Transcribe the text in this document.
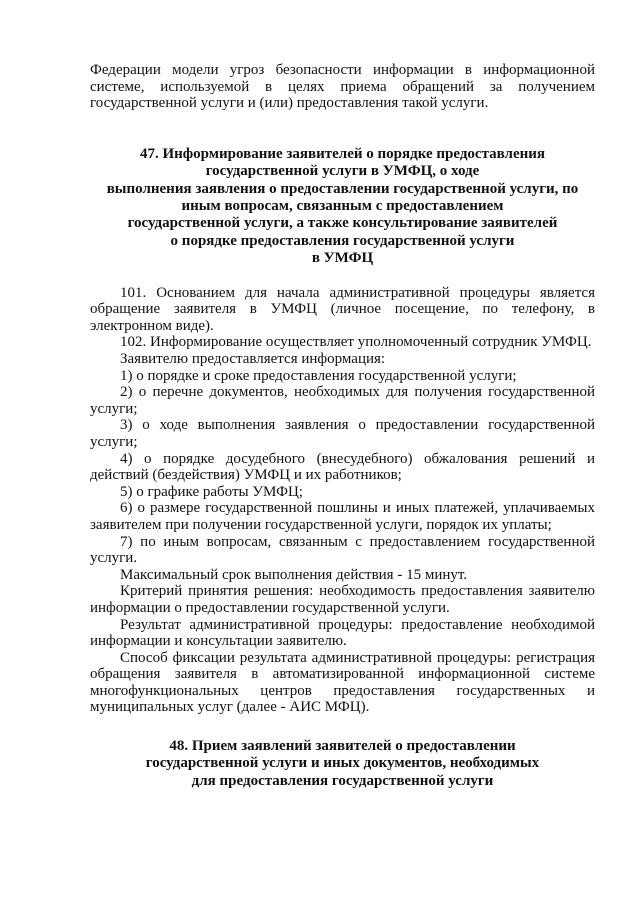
Федерации модели угроз безопасности информации в информационной системе, используемой в целях приема обращений за получением государственной услуги и (или) предоставления такой услуги.

47. Информирование заявителей о порядке предоставления
государственной услуги в УМФЦ, о ходе
выполнения заявления о предоставлении государственной услуги, по
иным вопросам, связанным с предоставлением
государственной услуги, а также консультирование заявителей
о порядке предоставления государственной услуги
в УМФЦ

101. Основанием для начала административной процедуры является обращение заявителя в УМФЦ (личное посещение, по телефону, в электронном виде).

102. Информирование осуществляет уполномоченный сотрудник УМФЦ.

Заявителю предоставляется информация:

1) о порядке и сроке предоставления государственной услуги;

2) о перечне документов, необходимых для получения государственной услуги;

3) о ходе выполнения заявления о предоставлении государственной услуги;

4) о порядке досудебного (внесудебного) обжалования решений и действий (бездействия) УМФЦ и их работников;

5) о графике работы УМФЦ;

6) о размере государственной пошлины и иных платежей, уплачиваемых заявителем при получении государственной услуги, порядок их уплаты;

7) по иным вопросам, связанным с предоставлением государственной услуги.

Максимальный срок выполнения действия - 15 минут.

Критерий принятия решения: необходимость предоставления заявителю информации о предоставлении государственной услуги.

Результат административной процедуры: предоставление необходимой информации и консультации заявителю.

Способ фиксации результата административной процедуры: регистрация обращения заявителя в автоматизированной информационной системе многофункциональных центров предоставления государственных и муниципальных услуг (далее - АИС МФЦ).

48. Прием заявлений заявителей о предоставлении
государственной услуги и иных документов, необходимых
для предоставления государственной услуги
